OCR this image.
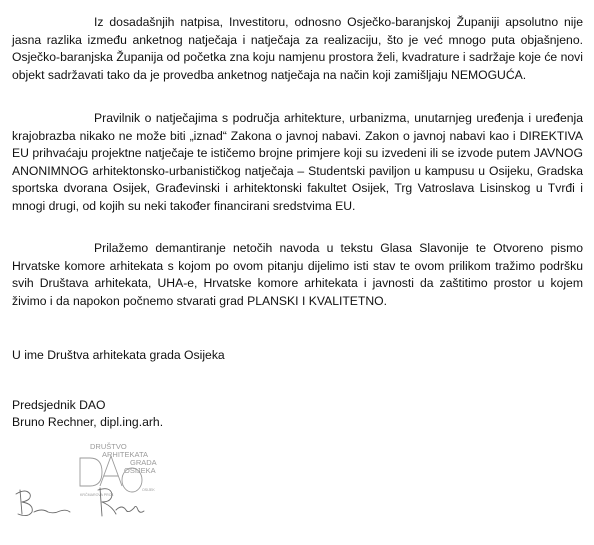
Iz dosadašnjih natpisa, Investitoru, odnosno Osječko-baranjskoj Županiji apsolutno nije jasna razlika između anketnog natječaja i natječaja za realizaciju, što je već mnogo puta objašnjeno. Osječko-baranjska Županija od početka zna koju namjenu prostora želi, kvadrature i sadržaje koje će novi objekt sadržavati tako da je provedba anketnog natječaja na način koji zamišljaju NEMOGUĆA.

Pravilnik o natječajima s područja arhitekture, urbanizma, unutarnjeg uređenja i uređenja krajobrazba nikako ne može biti „iznad“ Zakona o javnoj nabavi. Zakon o javnoj nabavi kao i DIREKTIVA EU prihvaćaju projektne natječaje te ističemo brojne primjere koji su izvedeni ili se izvode putem JAVNOG ANONIMNOG arhitektonsko-urbanističkog natječaja – Studentski paviljon u kampusu u Osijeku, Gradska sportska dvorana Osijek, Građevinski i arhitektonski fakultet Osijek, Trg Vatroslava Lisinskog u Tvrđi i mnogi drugi, od kojih su neki također financirani sredstvima EU.

Prilažemo demantiranje netočih navoda u tekstu Glasa Slavonije te Otvoreno pismo Hrvatske komore arhitekata s kojom po ovom pitanju dijelimo isti stav te ovom prilikom tražimo podršku svih Društava arhitekata, UHA-e, Hrvatske komore arhitekata i javnosti da zaštitimo prostor u kojem živimo i da napokon počnemo stvarati grad PLANSKI I KVALITETNO.

U ime Društva arhitekata grada Osijeka

Predsjednik DAO

Bruno Rechner, dipl.ing.arh.

DRUŠTVO
ARHITEKATA
GRADA
OSIJEKA
KRČMAROVA PROJ.
OSIJEK
